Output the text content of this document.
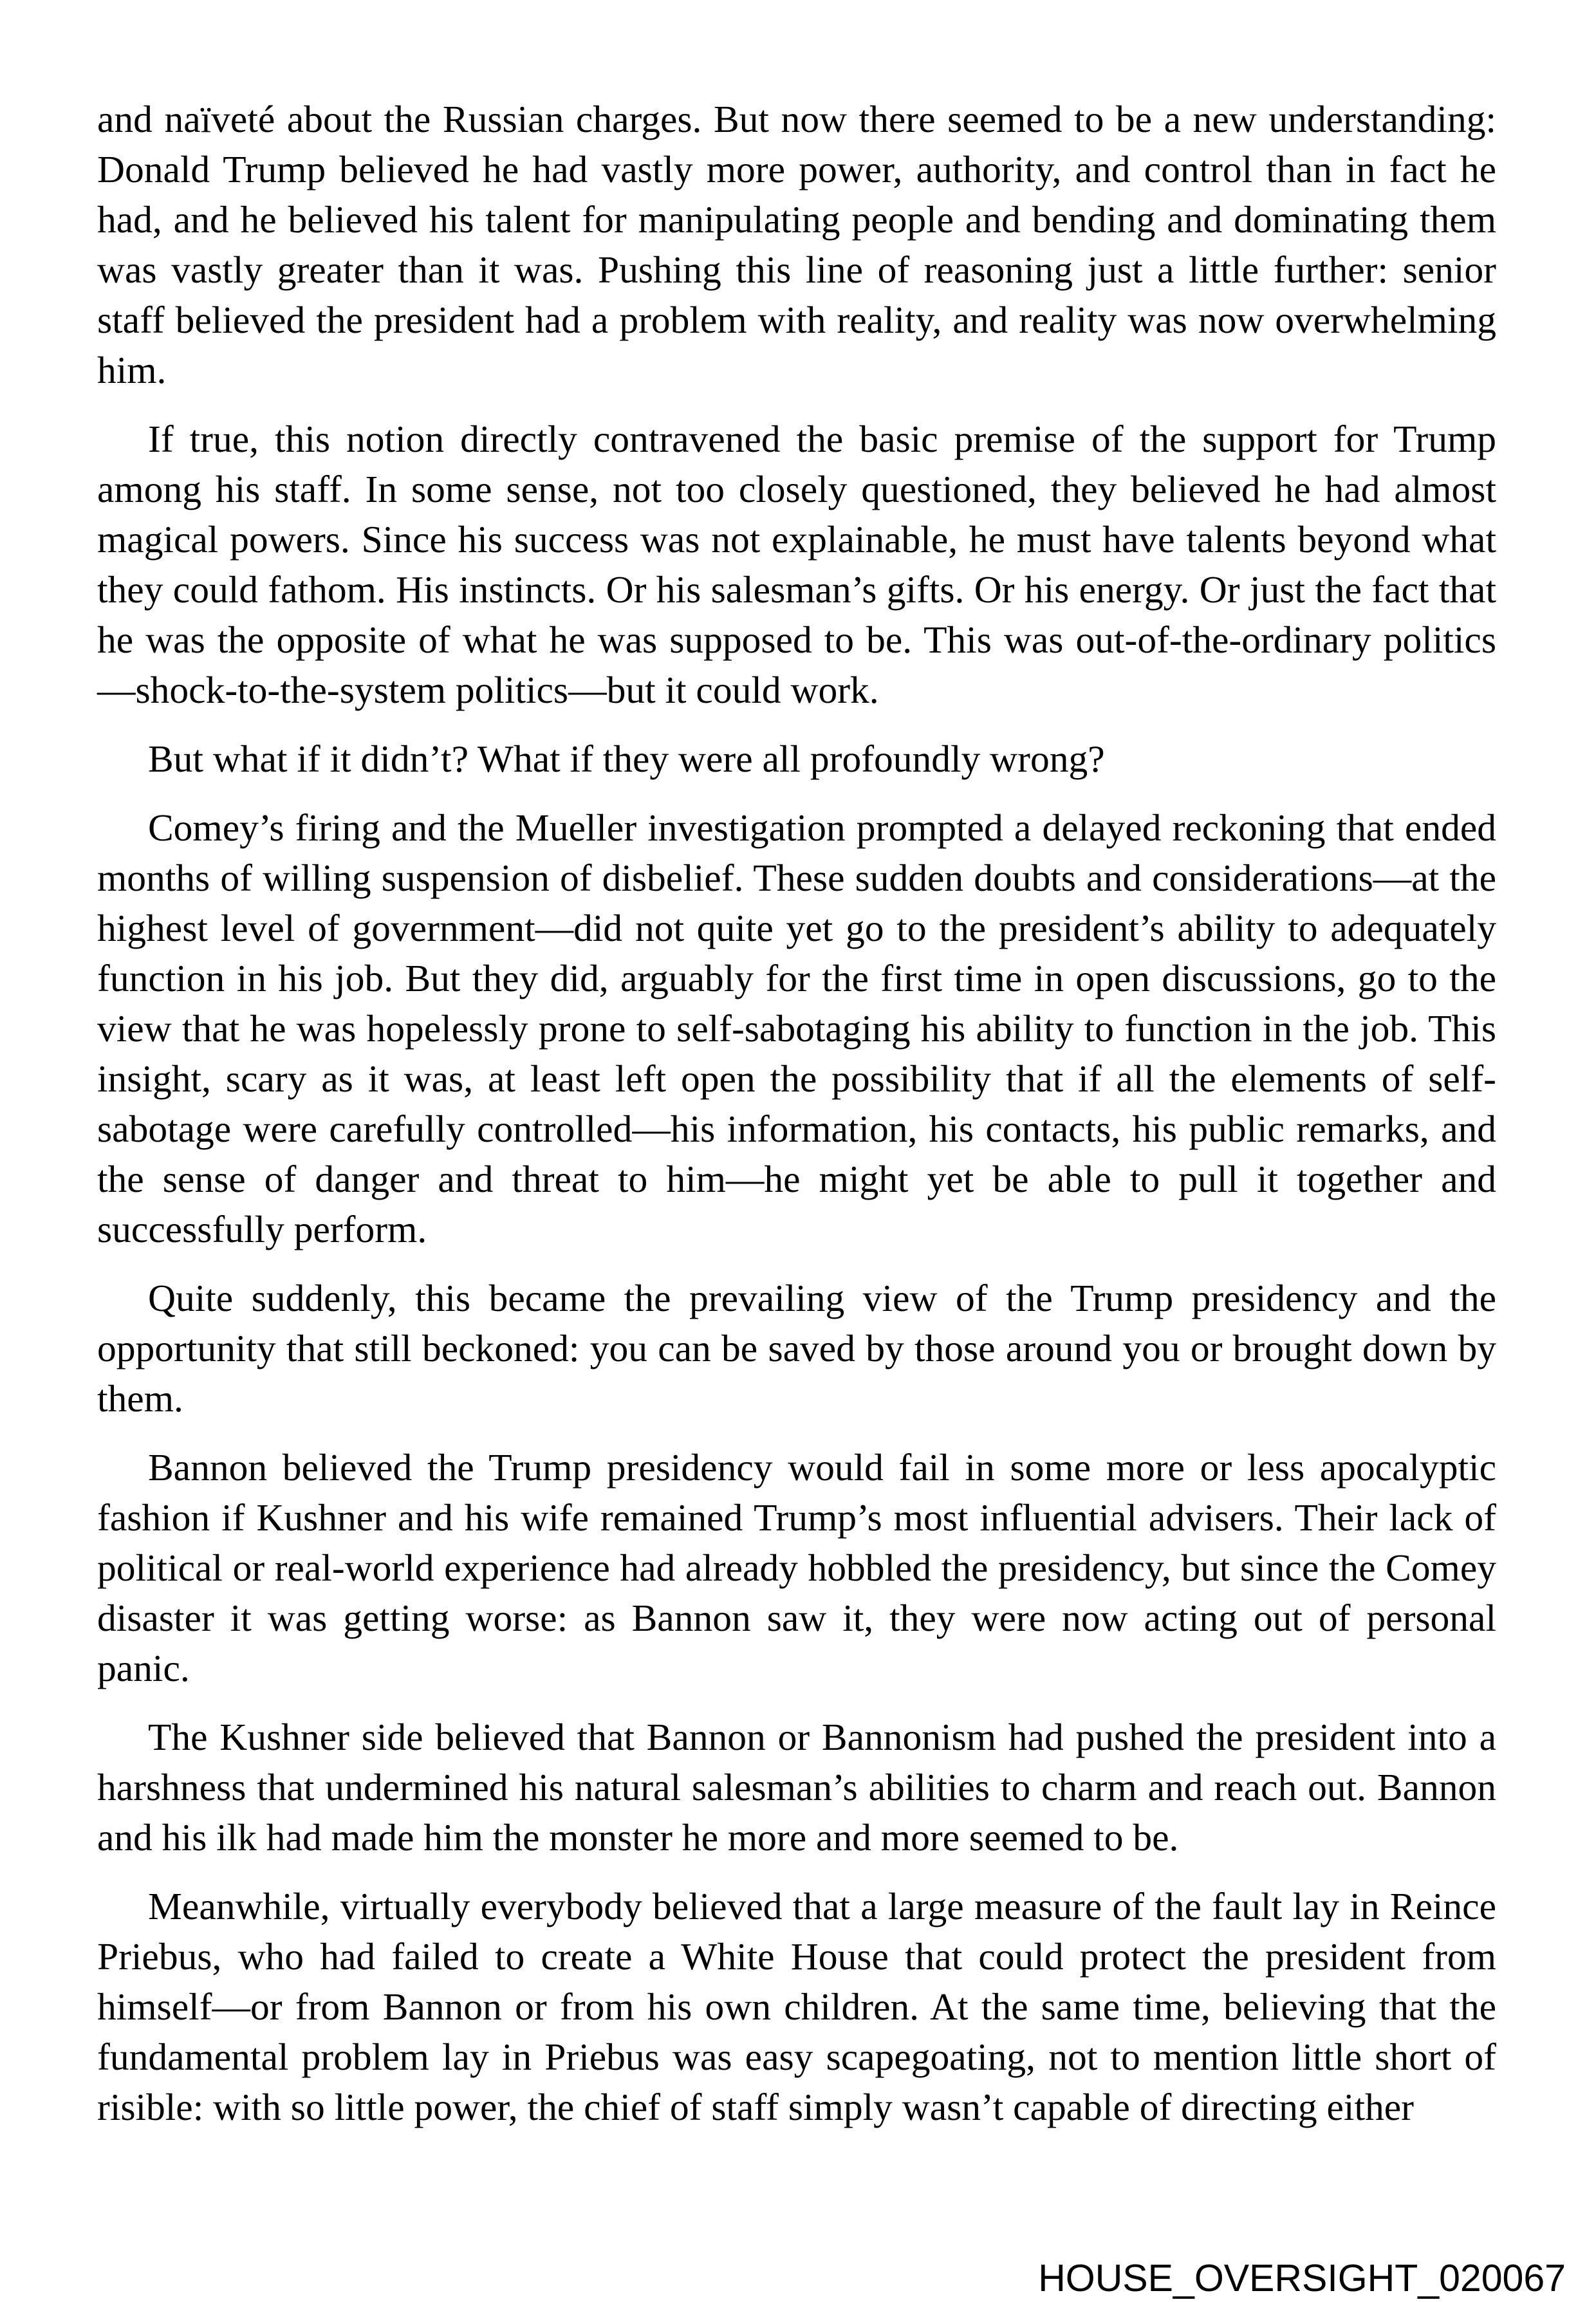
and naïveté about the Russian charges. But now there seemed to be a new understanding: Donald Trump believed he had vastly more power, authority, and control than in fact he had, and he believed his talent for manipulating people and bending and dominating them was vastly greater than it was. Pushing this line of reasoning just a little further: senior staff believed the president had a problem with reality, and reality was now overwhelming him.

If true, this notion directly contravened the basic premise of the support for Trump among his staff. In some sense, not too closely questioned, they believed he had almost magical powers. Since his success was not explainable, he must have talents beyond what they could fathom. His instincts. Or his salesman’s gifts. Or his energy. Or just the fact that he was the opposite of what he was supposed to be. This was out-of-the-ordinary politics—shock-to-the-system politics—but it could work.

But what if it didn’t? What if they were all profoundly wrong?

Comey’s firing and the Mueller investigation prompted a delayed reckoning that ended months of willing suspension of disbelief. These sudden doubts and considerations—at the highest level of government—did not quite yet go to the president’s ability to adequately function in his job. But they did, arguably for the first time in open discussions, go to the view that he was hopelessly prone to self-sabotaging his ability to function in the job. This insight, scary as it was, at least left open the possibility that if all the elements of self-sabotage were carefully controlled—his information, his contacts, his public remarks, and the sense of danger and threat to him—he might yet be able to pull it together and successfully perform.

Quite suddenly, this became the prevailing view of the Trump presidency and the opportunity that still beckoned: you can be saved by those around you or brought down by them.

Bannon believed the Trump presidency would fail in some more or less apocalyptic fashion if Kushner and his wife remained Trump’s most influential advisers. Their lack of political or real-world experience had already hobbled the presidency, but since the Comey disaster it was getting worse: as Bannon saw it, they were now acting out of personal panic.

The Kushner side believed that Bannon or Bannonism had pushed the president into a harshness that undermined his natural salesman’s abilities to charm and reach out. Bannon and his ilk had made him the monster he more and more seemed to be.

Meanwhile, virtually everybody believed that a large measure of the fault lay in Reince Priebus, who had failed to create a White House that could protect the president from himself—or from Bannon or from his own children. At the same time, believing that the fundamental problem lay in Priebus was easy scapegoating, not to mention little short of risible: with so little power, the chief of staff simply wasn’t capable of directing either

HOUSE_OVERSIGHT_020067
